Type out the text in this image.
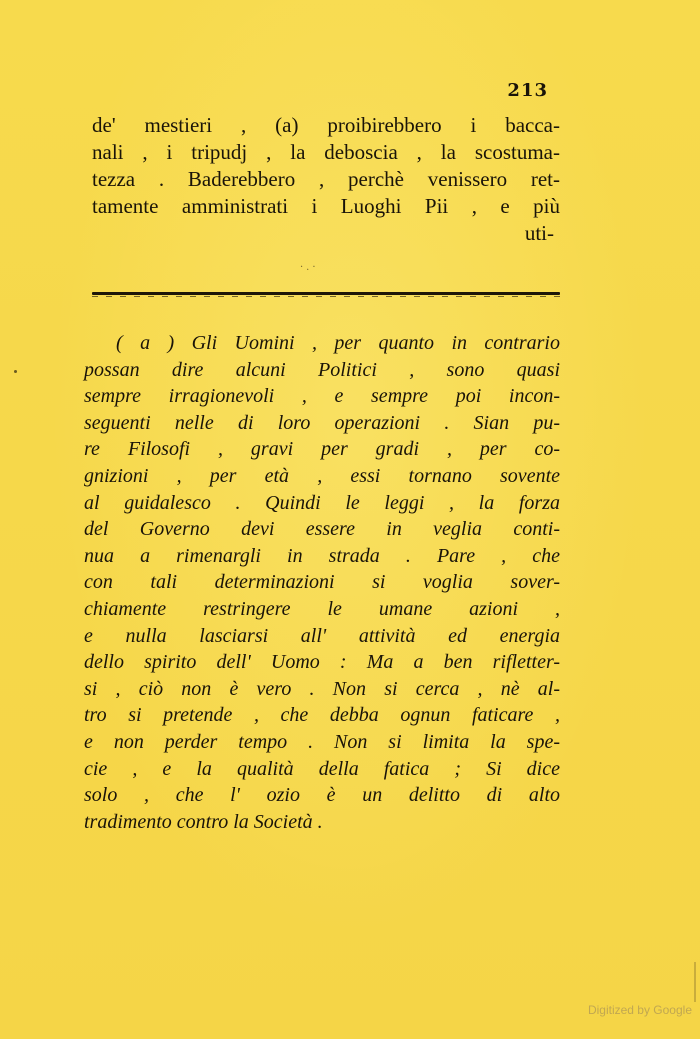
213
de' mestieri , (a) proibirebbero i bacca-
nali , i tripudj , la deboscia , la scostuma-
tezza . Baderebbero , perchè venissero ret-
tamente amministrati i Luoghi Pii , e più
uti-
·.·
( a ) Gli Uomini , per quanto in contrario
possan dire alcuni Politici , sono quasi
sempre irragionevoli , e sempre poi incon-
seguenti nelle di loro operazioni . Sian pu-
re Filosofi , gravi per gradi , per co-
gnizioni , per età , essi tornano sovente
al guidalesco . Quindi le leggi , la forza
del Governo devi essere in veglia conti-
nua a rimenargli in strada . Pare , che
con tali determinazioni si voglia sover-
chiamente restringere le umane azioni ,
e nulla lasciarsi all' attività ed energia
dello spirito dell' Uomo : Ma a ben rifletter-
si , ciò non è vero . Non si cerca , nè al-
tro si pretende , che debba ognun faticare ,
e non perder tempo . Non si limita la spe-
cie , e la qualità della fatica ; Si dice
solo , che l' ozio è un delitto di alto
tradimento contro la Società .
Digitized by Google
